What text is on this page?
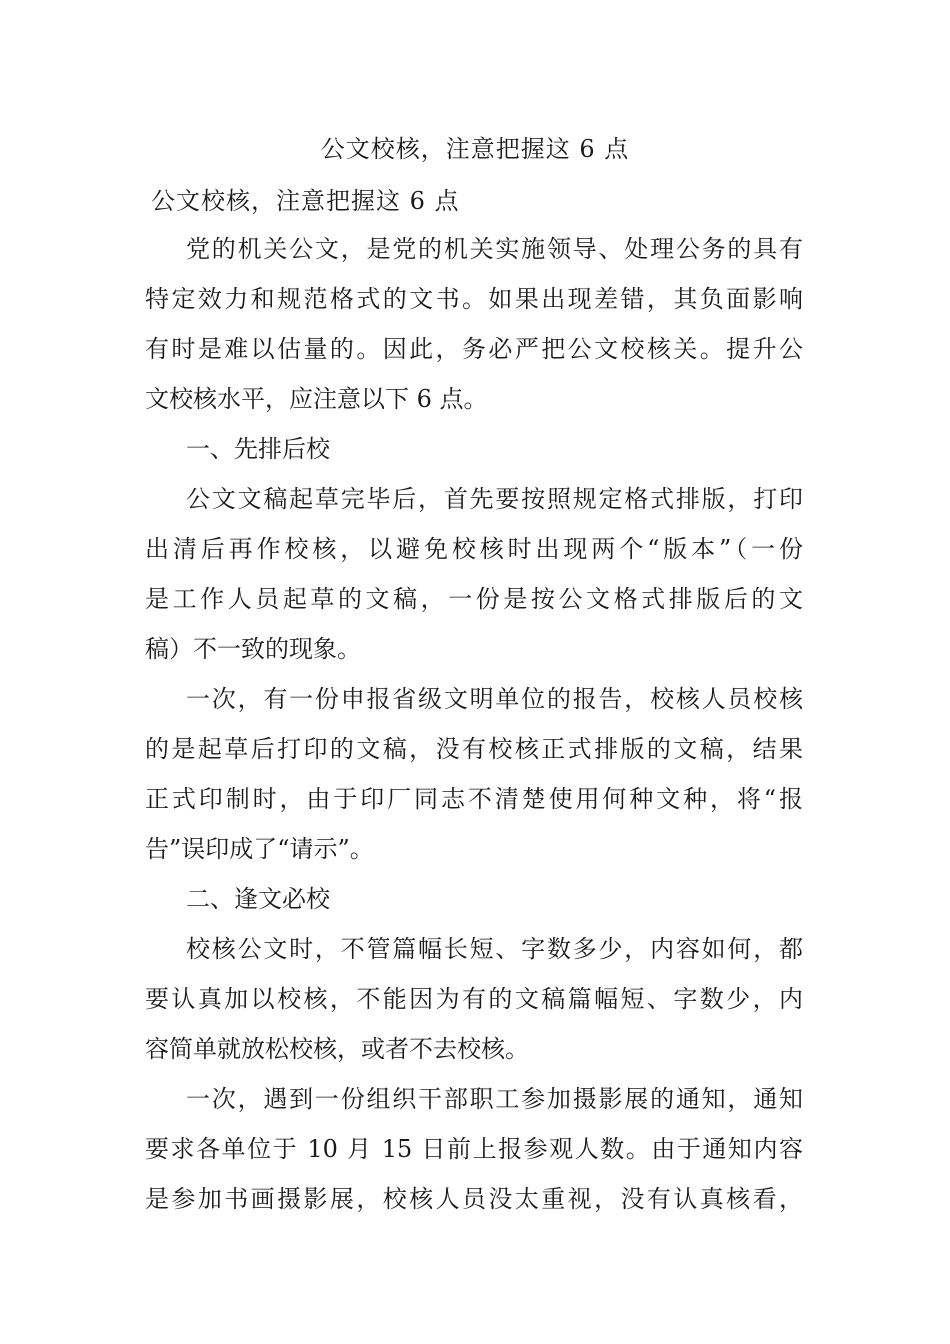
公文校核，注意把握这 6 点
公文校核，注意把握这 6 点
党的机关公文，是党的机关实施领导、处理公务的具有
特定效力和规范格式的文书。如果出现差错，其负面影响
有时是难以估量的。因此，务必严把公文校核关。提升公
文校核水平，应注意以下 6 点。
一、先排后校
公文文稿起草完毕后，首先要按照规定格式排版，打印
出清后再作校核，以避免校核时出现两个“版本”（一份
是工作人员起草的文稿，一份是按公文格式排版后的文
稿）不一致的现象。
一次，有一份申报省级文明单位的报告，校核人员校核
的是起草后打印的文稿，没有校核正式排版的文稿，结果
正式印制时，由于印厂同志不清楚使用何种文种，将“报
告”误印成了“请示”。
二、逢文必校
校核公文时，不管篇幅长短、字数多少，内容如何，都
要认真加以校核，不能因为有的文稿篇幅短、字数少，内
容简单就放松校核，或者不去校核。
一次，遇到一份组织干部职工参加摄影展的通知，通知
要求各单位于 10 月 15 日前上报参观人数。由于通知内容
是参加书画摄影展，校核人员没太重视，没有认真核看，
